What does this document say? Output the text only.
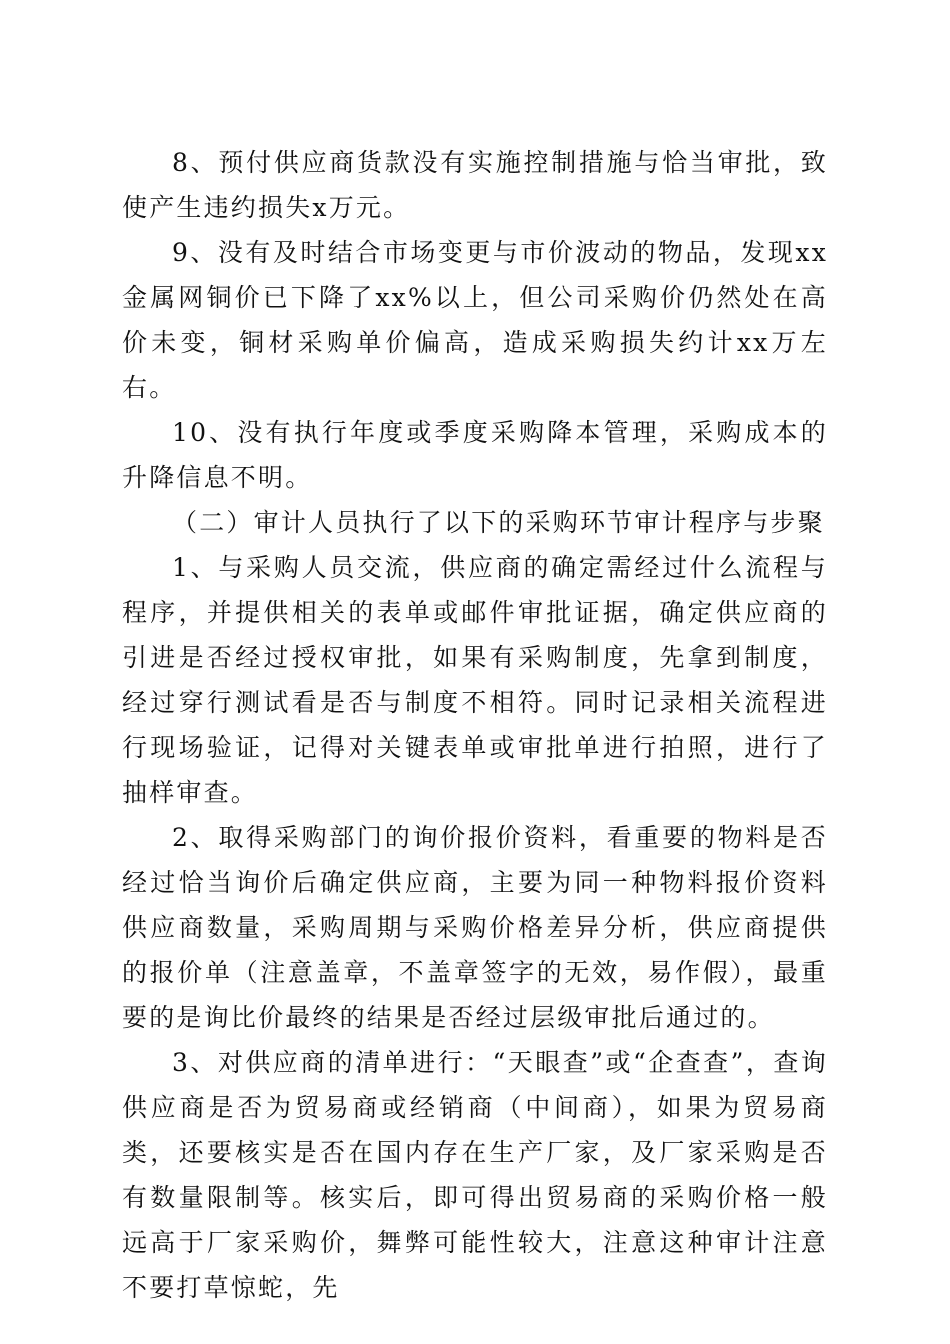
8、预付供应商货款没有实施控制措施与恰当审批，致使产生违约损失x万元。

9、没有及时结合市场变更与市价波动的物品，发现xx金属网铜价已下降了xx%以上，但公司采购价仍然处在高价未变，铜材采购单价偏高，造成采购损失约计xx万左右。

10、没有执行年度或季度采购降本管理，采购成本的升降信息不明。

（二）审计人员执行了以下的采购环节审计程序与步聚

1、与采购人员交流，供应商的确定需经过什么流程与程序，并提供相关的表单或邮件审批证据，确定供应商的引进是否经过授权审批，如果有采购制度，先拿到制度，经过穿行测试看是否与制度不相符。同时记录相关流程进行现场验证，记得对关键表单或审批单进行拍照，进行了抽样审查。

2、取得采购部门的询价报价资料，看重要的物料是否经过恰当询价后确定供应商，主要为同一种物料报价资料供应商数量，采购周期与采购价格差异分析，供应商提供的报价单（注意盖章，不盖章签字的无效，易作假），最重要的是询比价最终的结果是否经过层级审批后通过的。

3、对供应商的清单进行：“天眼查”或“企查查”，查询供应商是否为贸易商或经销商（中间商），如果为贸易商类，还要核实是否在国内存在生产厂家，及厂家采购是否有数量限制等。核实后，即可得出贸易商的采购价格一般远高于厂家采购价，舞弊可能性较大，注意这种审计注意不要打草惊蛇，先
